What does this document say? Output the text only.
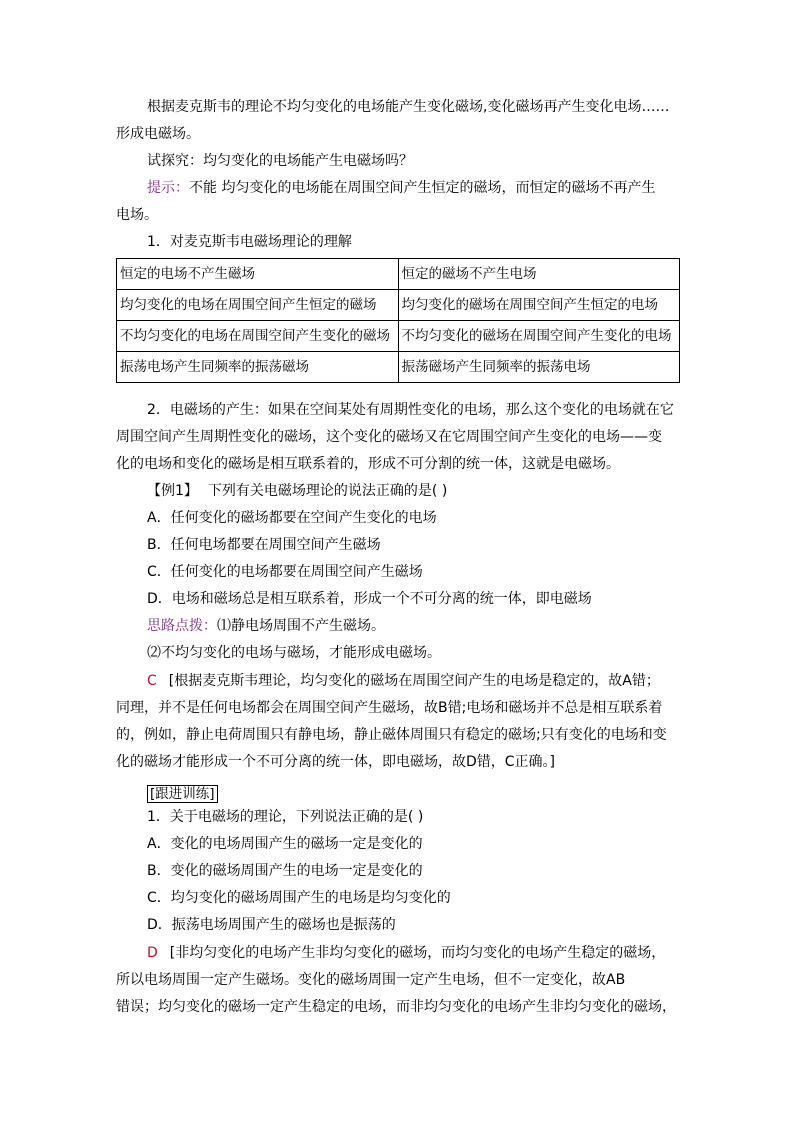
根据麦克斯韦的理论不均匀变化的电场能产生变化磁场,变化磁场再产生变化电场……
形成电磁场。
试探究：均匀变化的电场能产生电磁场吗？
提示：不能 均匀变化的电场能在周围空间产生恒定的磁场，而恒定的磁场不再产生
电场。
1．对麦克斯韦电磁场理论的理解
恒定的电场不产生磁场	恒定的磁场不产生电场
均匀变化的电场在周围空间产生恒定的磁场	均匀变化的磁场在周围空间产生恒定的电场
不均匀变化的电场在周围空间产生变化的磁场	不均匀变化的磁场在周围空间产生变化的电场
振荡电场产生同频率的振荡磁场	振荡磁场产生同频率的振荡电场
2．电磁场的产生：如果在空间某处有周期性变化的电场，那么这个变化的电场就在它
周围空间产生周期性变化的磁场，这个变化的磁场又在它周围空间产生变化的电场——变
化的电场和变化的磁场是相互联系着的，形成不可分割的统一体，这就是电磁场。
【例1】 下列有关电磁场理论的说法正确的是( )
A．任何变化的磁场都要在空间产生变化的电场
B．任何电场都要在周围空间产生磁场
C．任何变化的电场都要在周围空间产生磁场
D．电场和磁场总是相互联系着，形成一个不可分离的统一体，即电磁场
思路点拨：⑴静电场周围不产生磁场。
⑵不均匀变化的电场与磁场，才能形成电磁场。
C [根据麦克斯韦理论，均匀变化的磁场在周围空间产生的电场是稳定的，故A错；
同理，并不是任何电场都会在周围空间产生磁场，故B错;电场和磁场并不总是相互联系着
的，例如，静止电荷周围只有静电场，静止磁体周围只有稳定的磁场;只有变化的电场和变
化的磁场才能形成一个不可分离的统一体，即电磁场，故D错，C正确。]
[跟进训练]
1．关于电磁场的理论，下列说法正确的是( )
A．变化的电场周围产生的磁场一定是变化的
B．变化的磁场周围产生的电场一定是变化的
C．均匀变化的磁场周围产生的电场是均匀变化的
D．振荡电场周围产生的磁场也是振荡的
D [非均匀变化的电场产生非均匀变化的磁场，而均匀变化的电场产生稳定的磁场，
所以电场周围一定产生磁场。变化的磁场周围一定产生电场，但不一定变化，故AB
错误；均匀变化的磁场一定产生稳定的电场，而非均匀变化的电场产生非均匀变化的磁场，
